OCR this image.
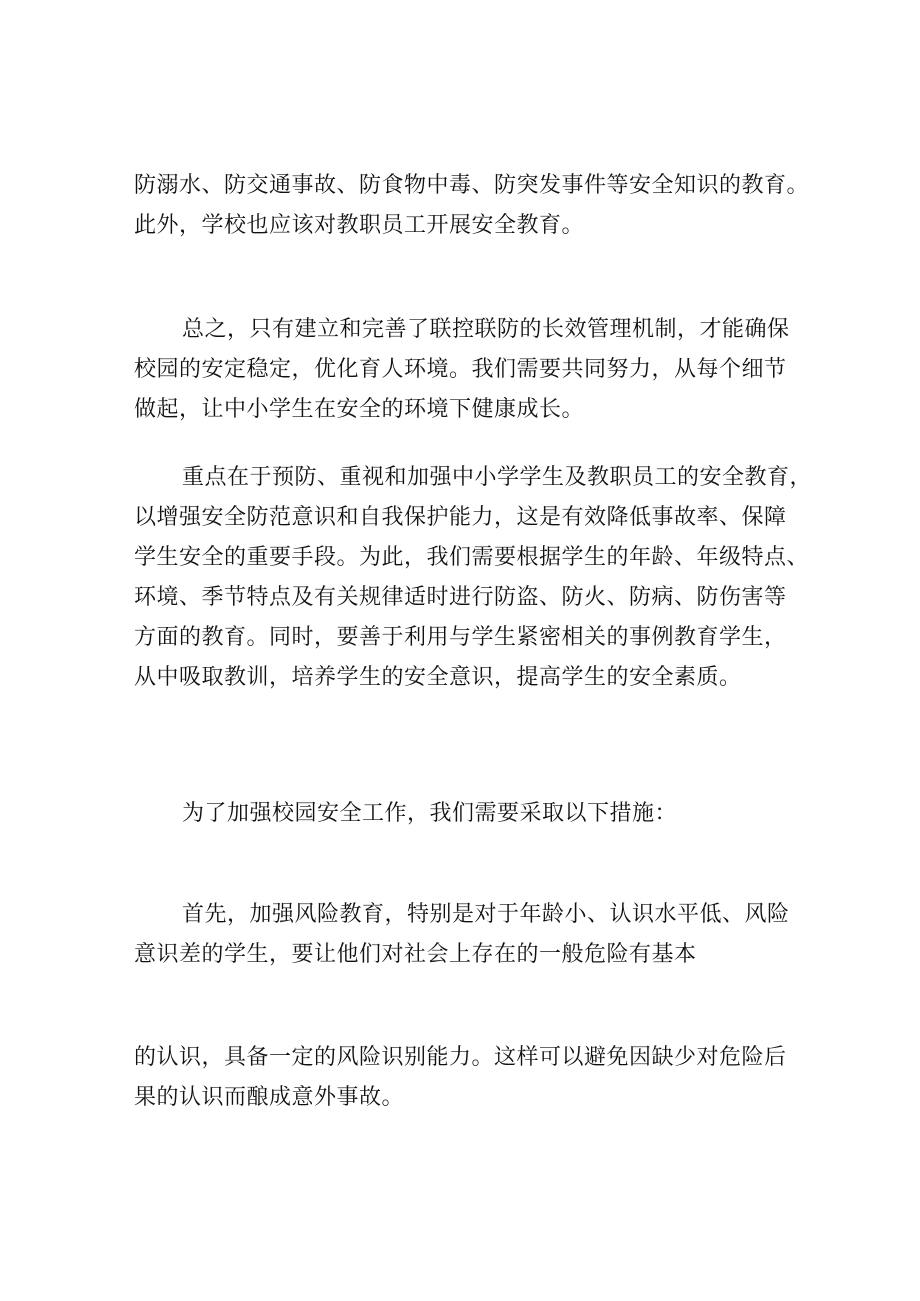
防溺水、防交通事故、防食物中毒、防突发事件等安全知识的教育。
此外，学校也应该对教职员工开展安全教育。
总之，只有建立和完善了联控联防的长效管理机制，才能确保
校园的安定稳定，优化育人环境。我们需要共同努力，从每个细节
做起，让中小学生在安全的环境下健康成长。
重点在于预防、重视和加强中小学学生及教职员工的安全教育，
以增强安全防范意识和自我保护能力，这是有效降低事故率、保障
学生安全的重要手段。为此，我们需要根据学生的年龄、年级特点、
环境、季节特点及有关规律适时进行防盗、防火、防病、防伤害等
方面的教育。同时，要善于利用与学生紧密相关的事例教育学生，
从中吸取教训，培养学生的安全意识，提高学生的安全素质。
为了加强校园安全工作，我们需要采取以下措施：
首先，加强风险教育，特别是对于年龄小、认识水平低、风险
意识差的学生，要让他们对社会上存在的一般危险有基本
的认识，具备一定的风险识别能力。这样可以避免因缺少对危险后
果的认识而酿成意外事故。
